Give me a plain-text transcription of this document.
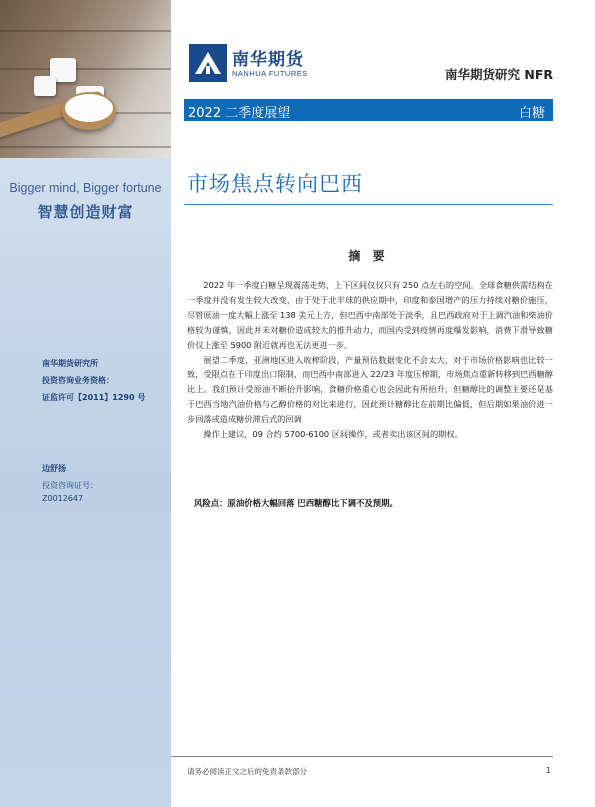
Bigger mind, Bigger fortune
智慧创造财富
南华期货研究所
投资咨询业务资格：
证监许可【2011】1290 号
边舒扬
投资咨询证号：
Z0012647
南华期货
NANHUA FUTURES	南华期货研究 NFR
2022 二季度展望	白糖
市场焦点转向巴西
摘 要

2022 年一季度白糖呈现震荡走势，上下区间仅仅只有 250 点左右的空间。全球食糖供需结构在一季度并没有发生较大改变，由于处于北半球的供应期中，印度和泰国增产的压力持续对糖价施压，尽管原油一度大幅上涨至 138 美元上方，但巴西中南部处于淡季，且巴西政府对于上调汽油和柴油价格较为谨慎，因此并未对糖价造成较大的推升动力，而国内受到疫情再度爆发影响，消费下滑导致糖价仅上涨至 5900 附近就再也无法更进一步。

展望二季度，亚洲地区进入收榨阶段，产量预估数据变化不会太大，对于市场价格影响也比较一致，受限点在于印度出口限制，而巴西中南部进入 22/23 年度压榨期，市场焦点重新转移到巴西糖醇比上。我们预计受原油不断抬升影响，食糖价格重心也会因此有所抬升，但糖醇比的调整主要还是基于巴西当地汽油价格与乙醇价格的对比来进行，因此预计糖醇比在前期比偏低，但后期如果油价进一步回落或造成糖价滞后式的回调

操作上建议，09 合约 5700-6100 区间操作，或者卖出该区间的期权。

风险点：原油价格大幅回落 巴西糖醇比下调不及预期。
请务必阅读正文之后的免责条款部分	1
